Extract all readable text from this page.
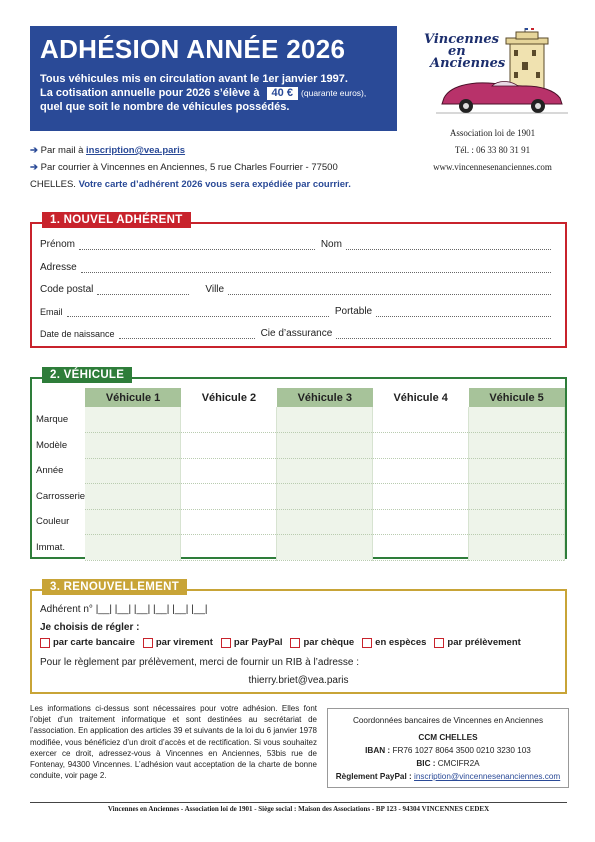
ADHÉSION ANNÉE 2026
Tous véhicules mis en circulation avant le 1er janvier 1997.
La cotisation annuelle pour 2026 s’élève à 40 € (quarante euros),
quel que soit le nombre de véhicules possédés.
Vincennes
en
Anciennes
Association loi de 1901
Tél. : 06 33 80 31 91
www.vincennesenanciennes.com
➔ Par mail à inscription@vea.paris
➔ Par courrier à Vincennes en Anciennes, 5 rue Charles Fourrier - 77500
CHELLES. Votre carte d’adhérent 2026 vous sera expédiée par courrier.
1. NOUVEL ADHÉRENT
Prénom	Nom
Adresse
Code postal	Ville
Email	Portable
Date de naissance	Cie d’assurance
2. VÉHICULE
	Véhicule 1	Véhicule 2	Véhicule 3	Véhicule 4	Véhicule 5
Marque					
Modèle					
Année					
Carrosserie					
Couleur					
Immat.					
3. RENOUVELLEMENT
Adhérent n° |__| |__| |__| |__| |__| |__|
Je choisis de régler :
par carte bancaire par virement par PayPal par chèque en espèces par prélèvement
Pour le règlement par prélèvement, merci de fournir un RIB à l’adresse :
thierry.briet@vea.paris
Les informations ci-dessus sont nécessaires pour votre adhésion. Elles font l’objet d’un traitement informatique et sont destinées au secrétariat de l’association. En application des articles 39 et suivants de la loi du 6 janvier 1978 modifiée, vous bénéficiez d’un droit d’accès et de rectification. Si vous souhaitez exercer ce droit, adressez-vous à Vincennes en Anciennes, 53bis rue de Fontenay, 94300 Vincennes. L’adhésion vaut acceptation de la charte de bonne conduite, voir page 2.
Coordonnées bancaires de Vincennes en Anciennes
CCM CHELLES
IBAN : FR76 1027 8064 3500 0210 3230 103
BIC : CMCIFR2A
Règlement PayPal : inscription@vincennesenanciennes.com
Vincennes en Anciennes - Association loi de 1901 - Siège social : Maison des Associations - BP 123 - 94304 VINCENNES CEDEX
